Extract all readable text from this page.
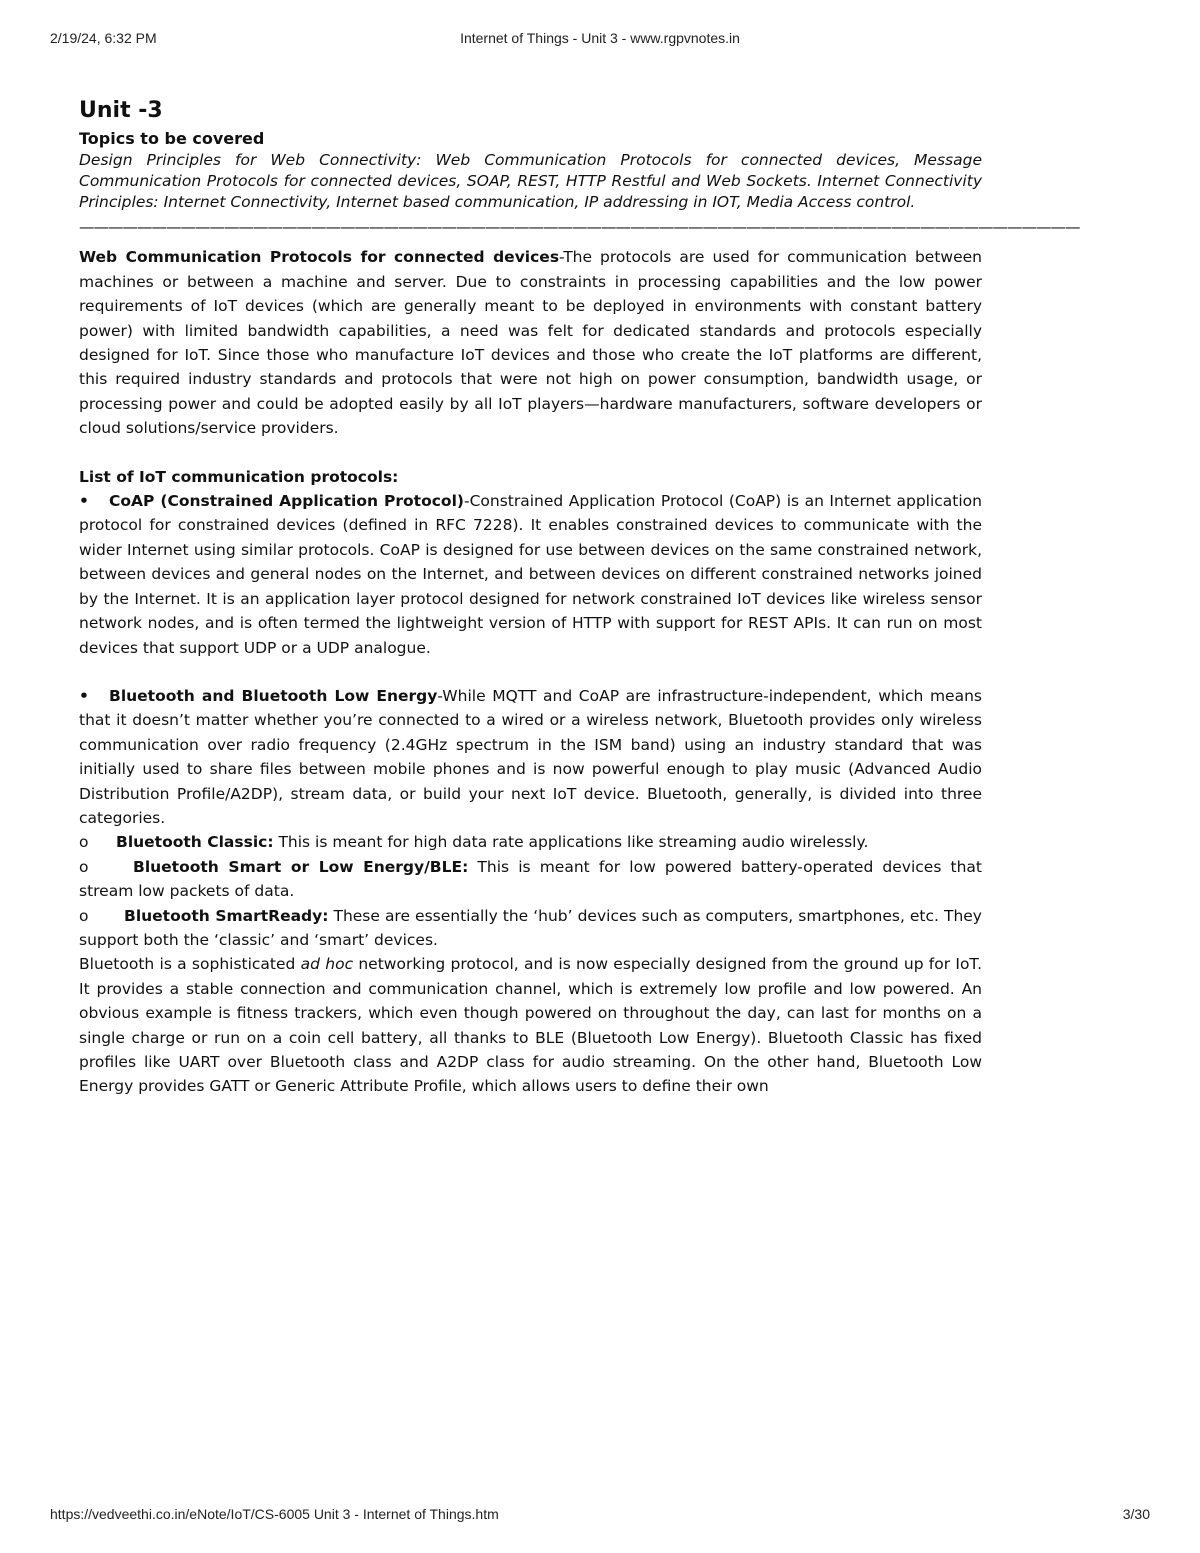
2/19/24, 6:32 PM	Internet of Things - Unit 3 - www.rgpvnotes.in
Unit -3
Topics to be covered
Design Principles for Web Connectivity: Web Communication Protocols for connected devices, Message Communication Protocols for connected devices, SOAP, REST, HTTP Restful and Web Sockets. Internet Connectivity Principles: Internet Connectivity, Internet based communication, IP addressing in IOT, Media Access control.
—————————————————————————————————————————————————————————————————————

Web Communication Protocols for connected devices-The protocols are used for communication between machines or between a machine and server. Due to constraints in processing capabilities and the low power requirements of IoT devices (which are generally meant to be deployed in environments with constant battery power) with limited bandwidth capabilities, a need was felt for dedicated standards and protocols especially designed for IoT. Since those who manufacture IoT devices and those who create the IoT platforms are different, this required industry standards and protocols that were not high on power consumption, bandwidth usage, or processing power and could be adopted easily by all IoT players—hardware manufacturers, software developers or cloud solutions/service providers.

List of IoT communication protocols:
• CoAP (Constrained Application Protocol)-Constrained Application Protocol (CoAP) is an Internet application protocol for constrained devices (defined in RFC 7228). It enables constrained devices to communicate with the wider Internet using similar protocols. CoAP is designed for use between devices on the same constrained network, between devices and general nodes on the Internet, and between devices on different constrained networks joined by the Internet. It is an application layer protocol designed for network constrained IoT devices like wireless sensor network nodes, and is often termed the lightweight version of HTTP with support for REST APIs. It can run on most devices that support UDP or a UDP analogue.
• Bluetooth and Bluetooth Low Energy-While MQTT and CoAP are infrastructure-independent, which means that it doesn’t matter whether you’re connected to a wired or a wireless network, Bluetooth provides only wireless communication over radio frequency (2.4GHz spectrum in the ISM band) using an industry standard that was initially used to share files between mobile phones and is now powerful enough to play music (Advanced Audio Distribution Profile/A2DP), stream data, or build your next IoT device. Bluetooth, generally, is divided into three categories.
o Bluetooth Classic: This is meant for high data rate applications like streaming audio wirelessly.
o	Bluetooth Smart or Low Energy/BLE: This is meant for low powered battery-operated devices that stream low packets of data.
o Bluetooth SmartReady: These are essentially the ‘hub’ devices such as computers, smartphones, etc. They support both the ‘classic’ and ‘smart’ devices.

Bluetooth is a sophisticated ad hoc networking protocol, and is now especially designed from the ground up for IoT. It provides a stable connection and communication channel, which is extremely low profile and low powered. An obvious example is fitness trackers, which even though powered on throughout the day, can last for months on a single charge or run on a coin cell battery, all thanks to BLE (Bluetooth Low Energy). Bluetooth Classic has fixed profiles like UART over Bluetooth class and A2DP class for audio streaming. On the other hand, Bluetooth Low Energy provides GATT or Generic Attribute Profile, which allows users to define their own

https://vedveethi.co.in/eNote/IoT/CS-6005 Unit 3 - Internet of Things.htm	3/30
